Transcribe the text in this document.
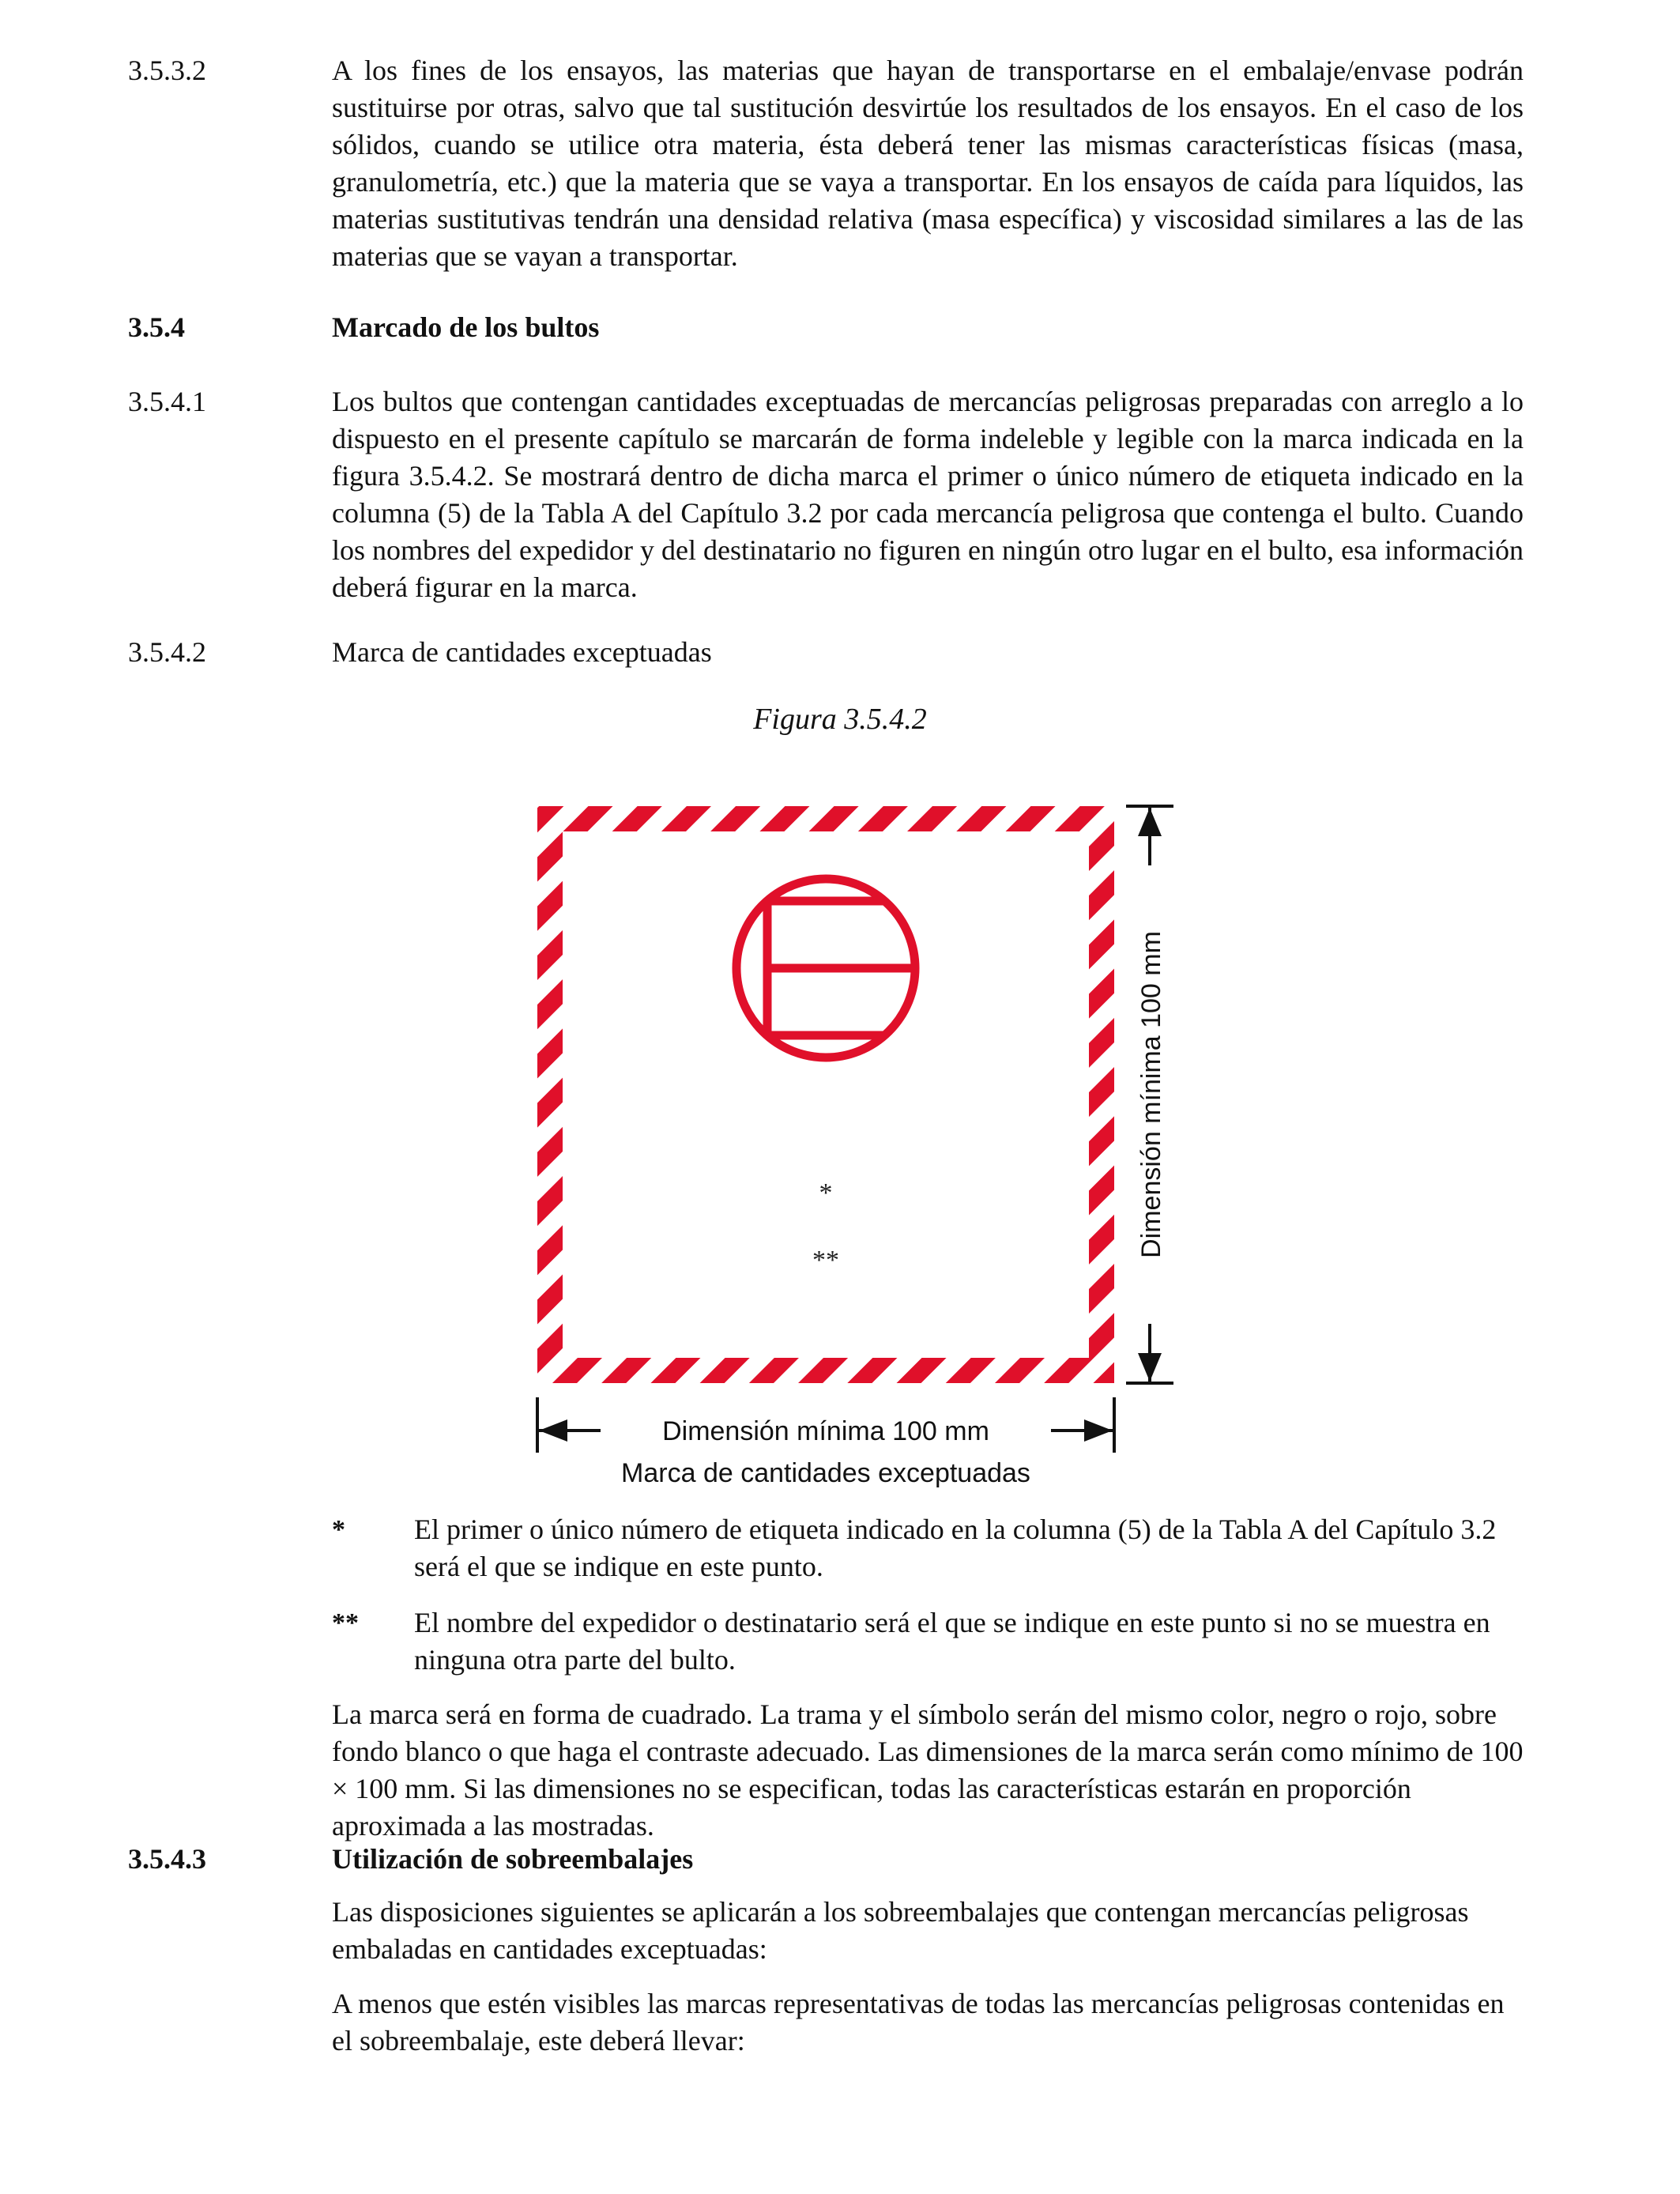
3.5.3.2	A los fines de los ensayos, las materias que hayan de transportarse en el embalaje/envase podrán sustituirse por otras, salvo que tal sustitución desvirtúe los resultados de los ensayos. En el caso de los sólidos, cuando se utilice otra materia, ésta deberá tener las mismas características físicas (masa, granulometría, etc.) que la materia que se vaya a transportar. En los ensayos de caída para líquidos, las materias sustitutivas tendrán una densidad relativa (masa específica) y viscosidad similares a las de las materias que se vayan a transportar.

3.5.4	Marcado de los bultos
3.5.4.1	Los bultos que contengan cantidades exceptuadas de mercancías peligrosas preparadas con arreglo a lo dispuesto en el presente capítulo se marcarán de forma indeleble y legible con la marca indicada en la figura 3.5.4.2. Se mostrará dentro de dicha marca el primer o único número de etiqueta indicado en la columna (5) de la Tabla A del Capítulo 3.2 por cada mercancía peligrosa que contenga el bulto. Cuando los nombres del expedidor y del destinatario no figuren en ningún otro lugar en el bulto, esa información deberá figurar en la marca.

3.5.4.2	Marca de cantidades exceptuadas
Figura 3.5.4.2
*
**
Dimensión mínima 100 mm
Dimensión mínima 100 mm
Marca de cantidades exceptuadas
* El primer o único número de etiqueta indicado en la columna (5) de la Tabla A del Capítulo 3.2 será el que se indique en este punto.

** El nombre del expedidor o destinatario será el que se indique en este punto si no se muestra en ninguna otra parte del bulto.

La marca será en forma de cuadrado. La trama y el símbolo serán del mismo color, negro o rojo, sobre fondo blanco o que haga el contraste adecuado. Las dimensiones de la marca serán como mínimo de 100 × 100 mm. Si las dimensiones no se especifican, todas las características estarán en proporción aproximada a las mostradas.

3.5.4.3	Utilización de sobreembalajes

Las disposiciones siguientes se aplicarán a los sobreembalajes que contengan mercancías peligrosas embaladas en cantidades exceptuadas:

A menos que estén visibles las marcas representativas de todas las mercancías peligrosas contenidas en el sobreembalaje, este deberá llevar:
